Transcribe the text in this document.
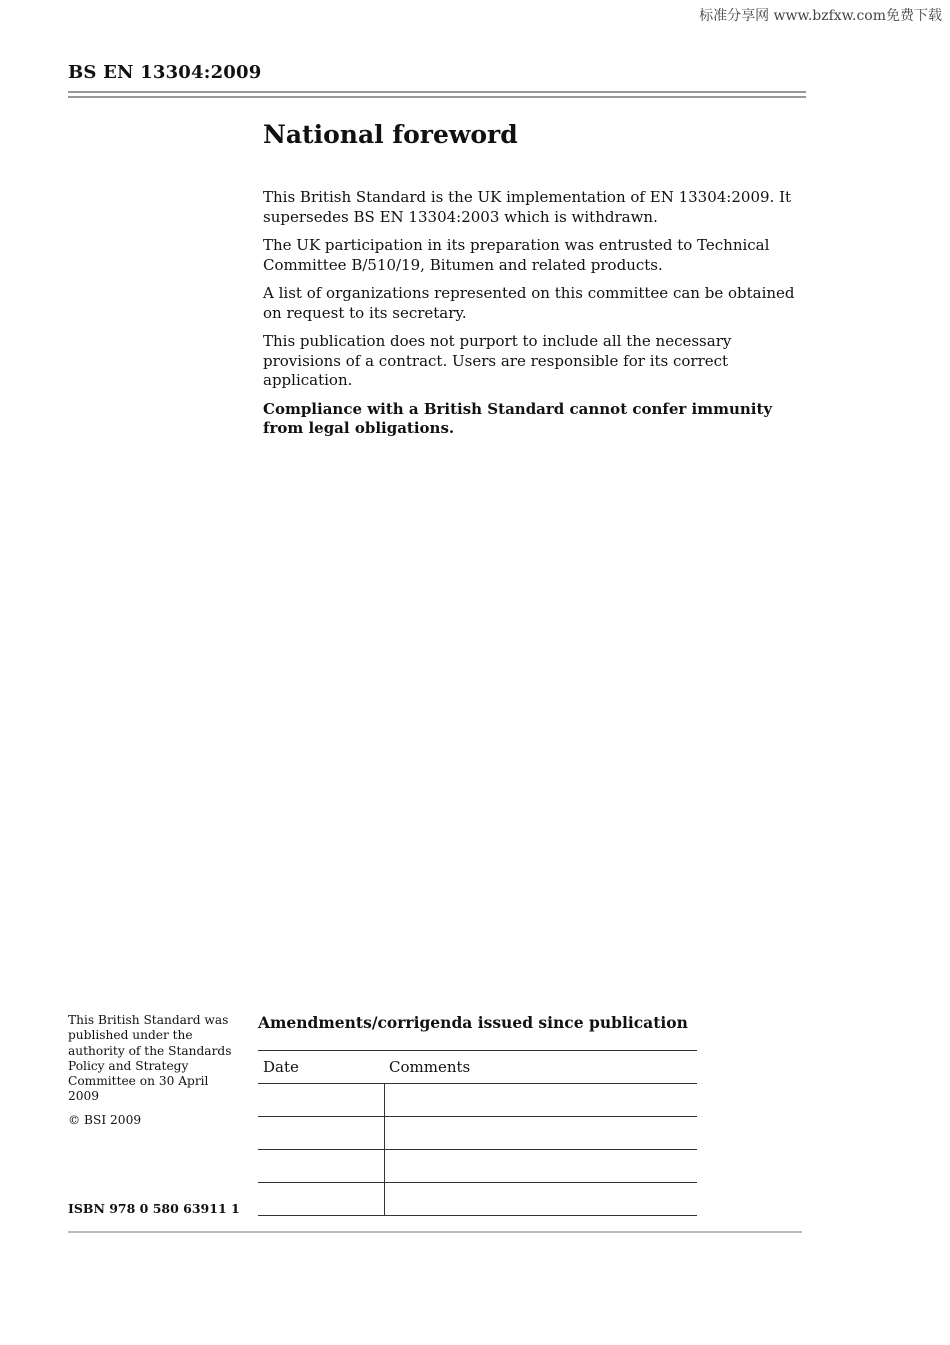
标准分享网 www.bzfxw.com免费下载
BS EN 13304:2009
National foreword

This British Standard is the UK implementation of EN 13304:2009. It supersedes BS EN 13304:2003 which is withdrawn.

The UK participation in its preparation was entrusted to Technical Committee B/510/19, Bitumen and related products.

A list of organizations represented on this committee can be obtained on request to its secretary.

This publication does not purport to include all the necessary provisions of a contract. Users are responsible for its correct application.

Compliance with a British Standard cannot confer immunity from legal obligations.

This British Standard was published under the authority of the Standards Policy and Strategy Committee on 30 April 2009

© BSI 2009

ISBN 978 0 580 63911 1
Amendments/corrigenda issued since publication
Date	Comments
